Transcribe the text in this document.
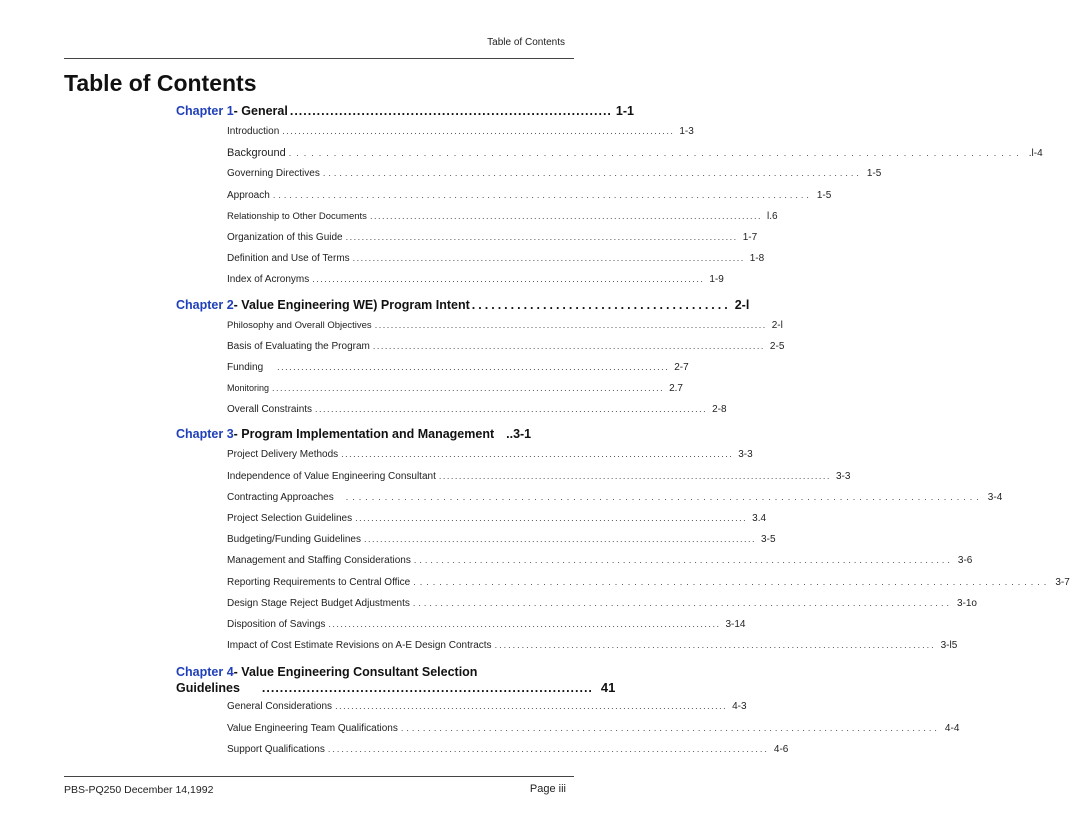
Table of Contents
Table of Contents
Chapter 1 - General ........................................................................ 1-1
Introduction .................................................................................................. 1-3
Background .................................................................................................. .l-4
Governing Directives .................................................................................................. 1-5
Approach .................................................................................................. 1-5
Relationship to Other Documents .................................................................................................. l.6
Organization of this Guide .................................................................................................. 1-7
Definition and Use of Terms .................................................................................................. 1-8
Index of Acronyms .................................................................................................. 1-9
Chapter 2 - Value Engineering WE) Program Intent ........................................ 2-l
Philosophy and Overall Objectives .................................................................................................. 2-l
Basis of Evaluating the Program .................................................................................................. 2-5
Funding .................................................................................................. 2-7
Monitoring .................................................................................................. 2.7
Overall Constraints .................................................................................................. 2-8
Chapter 3 - Program Implementation and Management ..3-1
Project Delivery Methods .................................................................................................. 3-3
Independence of Value Engineering Consultant .................................................................................................. 3-3
Contracting Approaches .................................................................................................. 3-4
Project Selection Guidelines .................................................................................................. 3.4
Budgeting/Funding Guidelines .................................................................................................. 3-5
Management and Staffing Considerations .................................................................................................. 3-6
Reporting Requirements to Central Office .................................................................................................. 3-7
Design Stage Reject Budget Adjustments .................................................................................................. 3-1o
Disposition of Savings .................................................................................................. 3-14
Impact of Cost Estimate Revisions on A-E Design Contracts .................................................................................................. 3-l5
Chapter 4- Value Engineering Consultant Selection
Guidelines .......................................................................... 41
General Considerations .................................................................................................. 4-3
Value Engineering Team Qualifications .................................................................................................. 4-4
Support Qualifications .................................................................................................. 4-6
PBS-PQ250 December 14,1992	Page iii
